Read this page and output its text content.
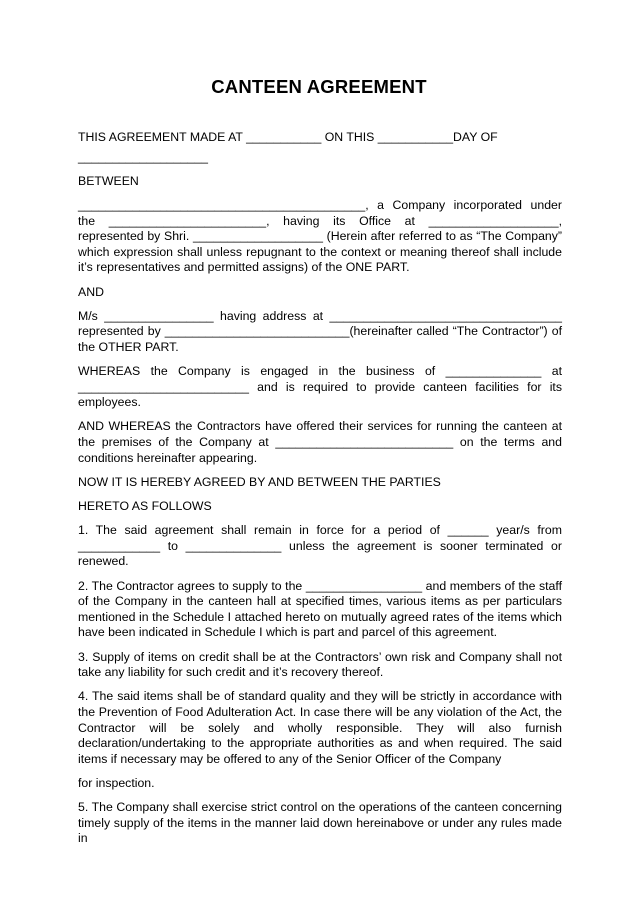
CANTEEN AGREEMENT

THIS AGREEMENT MADE AT ___________ ON THIS ___________DAY OF

___________________

BETWEEN

__________________________________________, a Company incorporated under the _______________________, having its Office at ___________________, represented by Shri. ___________________ (Herein after referred to as “The Company” which expression shall unless repugnant to the context or meaning thereof shall include it’s representatives and permitted assigns) of the ONE PART.

AND

M/s ________________ having address at __________________________________ represented by ___________________________(hereinafter called “The Contractor”) of the OTHER PART.

WHEREAS the Company is engaged in the business of ______________ at _________________________ and is required to provide canteen facilities for its employees.

AND WHEREAS the Contractors have offered their services for running the canteen at the premises of the Company at __________________________ on the terms and conditions hereinafter appearing.

NOW IT IS HEREBY AGREED BY AND BETWEEN THE PARTIES

HERETO AS FOLLOWS

1. The said agreement shall remain in force for a period of ______ year/s from ____________ to ______________ unless the agreement is sooner terminated or renewed.

2. The Contractor agrees to supply to the _________________ and members of the staff of the Company in the canteen hall at specified times, various items as per particulars mentioned in the Schedule I attached hereto on mutually agreed rates of the items which have been indicated in Schedule I which is part and parcel of this agreement.

3. Supply of items on credit shall be at the Contractors’ own risk and Company shall not take any liability for such credit and it’s recovery thereof.

4. The said items shall be of standard quality and they will be strictly in accordance with the Prevention of Food Adulteration Act. In case there will be any violation of the Act, the Contractor will be solely and wholly responsible. They will also furnish declaration/undertaking to the appropriate authorities as and when required. The said items if necessary may be offered to any of the Senior Officer of the Company

for inspection.

5. The Company shall exercise strict control on the operations of the canteen concerning timely supply of the items in the manner laid down hereinabove or under any rules made in
